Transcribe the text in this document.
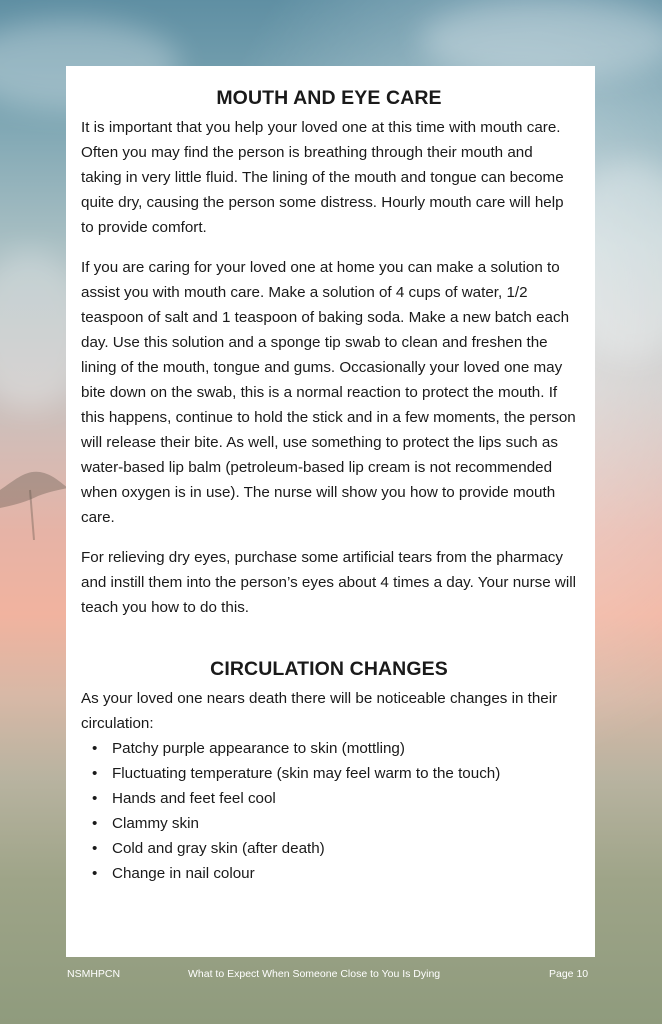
MOUTH AND EYE CARE

It is important that you help your loved one at this time with mouth care. Often you may find the person is breathing through their mouth and taking in very little fluid. The lining of the mouth and tongue can become quite dry, causing the person some distress. Hourly mouth care will help to provide comfort.

If you are caring for your loved one at home you can make a solution to assist you with mouth care. Make a solution of 4 cups of water, 1/2 teaspoon of salt and 1 teaspoon of baking soda. Make a new batch each day. Use this solution and a sponge tip swab to clean and freshen the lining of the mouth, tongue and gums. Occasionally your loved one may bite down on the swab, this is a normal reaction to protect the mouth. If this happens, continue to hold the stick and in a few moments, the person will release their bite. As well, use something to protect the lips such as water-based lip balm (petroleum-based lip cream is not recommended when oxygen is in use). The nurse will show you how to provide mouth care.

For relieving dry eyes, purchase some artificial tears from the pharmacy and instill them into the person’s eyes about 4 times a day. Your nurse will teach you how to do this.

CIRCULATION CHANGES

As your loved one nears death there will be noticeable changes in their circulation:

• Patchy purple appearance to skin (mottling)
• Fluctuating temperature (skin may feel warm to the touch)
• Hands and feet feel cool
• Clammy skin
• Cold and gray skin (after death)
• Change in nail colour
NSMHPCN	What to Expect When Someone Close to You Is Dying	Page 10
